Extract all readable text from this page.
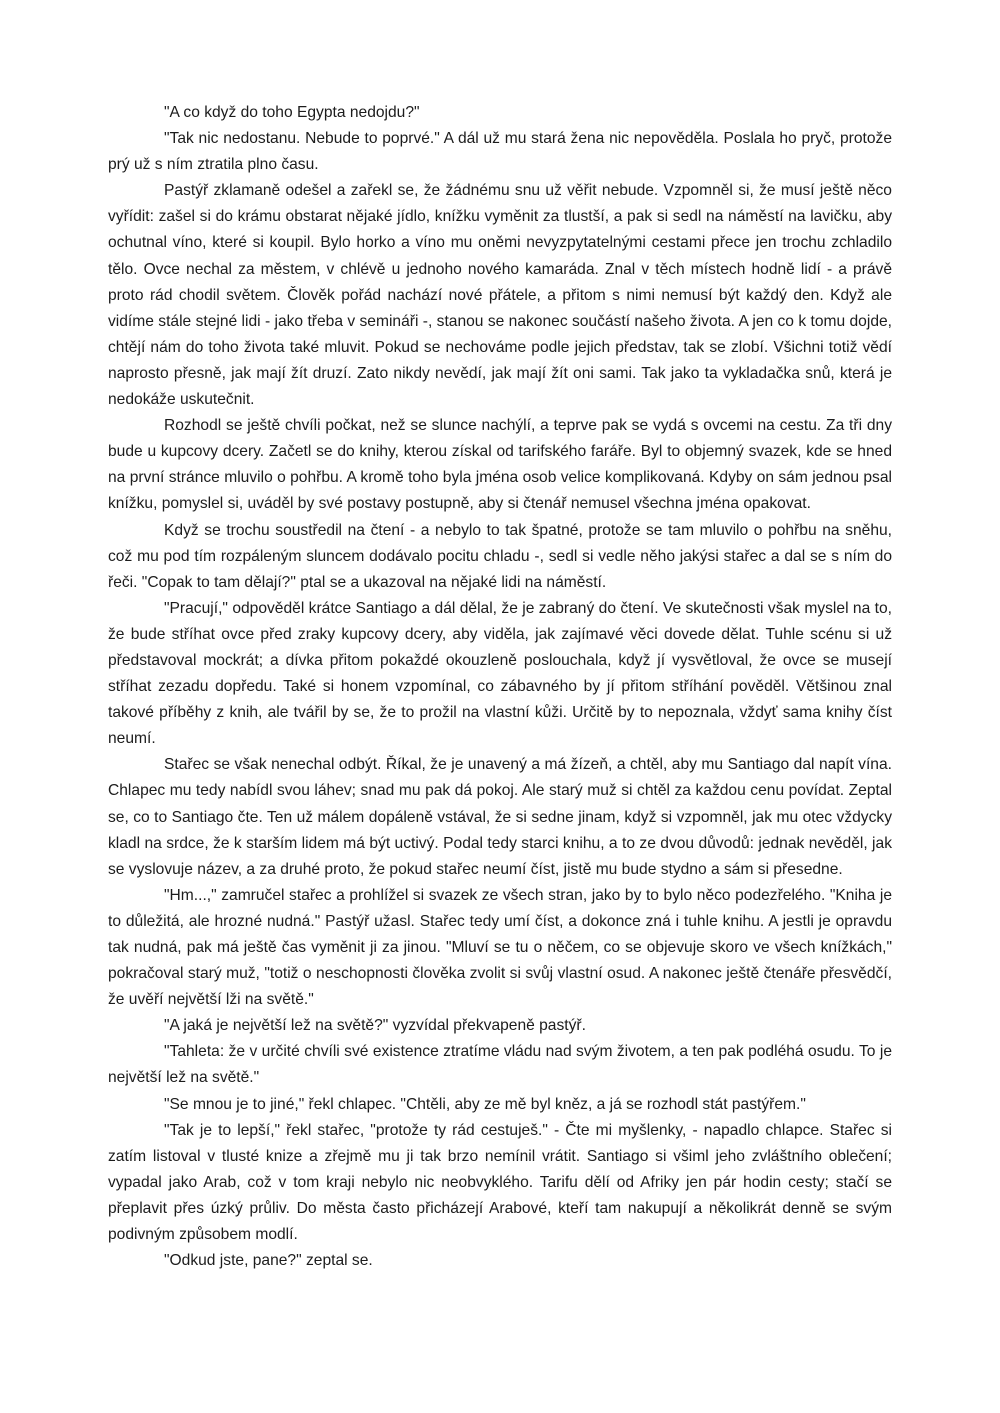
"A co když do toho Egypta nedojdu?"

"Tak nic nedostanu. Nebude to poprvé." A dál už mu stará žena nic nepověděla. Poslala ho pryč, protože prý už s ním ztratila plno času.

Pastýř zklamaně odešel a zařekl se, že žádnému snu už věřit nebude. Vzpomněl si, že musí ještě něco vyřídit: zašel si do krámu obstarat nějaké jídlo, knížku vyměnit za tlustší, a pak si sedl na náměstí na lavičku, aby ochutnal víno, které si koupil. Bylo horko a víno mu oněmi nevyzpytatelnými cestami přece jen trochu zchladilo tělo. Ovce nechal za městem, v chlévě u jednoho nového kamaráda. Znal v těch místech hodně lidí - a právě proto rád chodil světem. Člověk pořád nachází nové přátele, a přitom s nimi nemusí být každý den. Když ale vidíme stále stejné lidi - jako třeba v semináři -, stanou se nakonec součástí našeho života. A jen co k tomu dojde, chtějí nám do toho života také mluvit. Pokud se nechováme podle jejich představ, tak se zlobí. Všichni totiž vědí naprosto přesně, jak mají žít druzí. Zato nikdy nevědí, jak mají žít oni sami. Tak jako ta vykladačka snů, která je nedokáže uskutečnit.

Rozhodl se ještě chvíli počkat, než se slunce nachýlí, a teprve pak se vydá s ovcemi na cestu. Za tři dny bude u kupcovy dcery. Začetl se do knihy, kterou získal od tarifského faráře. Byl to objemný svazek, kde se hned na první stránce mluvilo o pohřbu. A kromě toho byla jména osob velice komplikovaná. Kdyby on sám jednou psal knížku, pomyslel si, uváděl by své postavy postupně, aby si čtenář nemusel všechna jména opakovat.

Když se trochu soustředil na čtení - a nebylo to tak špatné, protože se tam mluvilo o pohřbu na sněhu, což mu pod tím rozpáleným sluncem dodávalo pocitu chladu -, sedl si vedle něho jakýsi stařec a dal se s ním do řeči. "Copak to tam dělají?" ptal se a ukazoval na nějaké lidi na náměstí.

"Pracují," odpověděl krátce Santiago a dál dělal, že je zabraný do čtení. Ve skutečnosti však myslel na to, že bude stříhat ovce před zraky kupcovy dcery, aby viděla, jak zajímavé věci dovede dělat. Tuhle scénu si už představoval mockrát; a dívka přitom pokaždé okouzleně poslouchala, když jí vysvětloval, že ovce se musejí stříhat zezadu dopředu. Také si honem vzpomínal, co zábavného by jí přitom stříhání pověděl. Většinou znal takové příběhy z knih, ale tvářil by se, že to prožil na vlastní kůži. Určitě by to nepoznala, vždyť sama knihy číst neumí.

Stařec se však nenechal odbýt. Říkal, že je unavený a má žízeň, a chtěl, aby mu Santiago dal napít vína. Chlapec mu tedy nabídl svou láhev; snad mu pak dá pokoj. Ale starý muž si chtěl za každou cenu povídat. Zeptal se, co to Santiago čte. Ten už málem dopáleně vstával, že si sedne jinam, když si vzpomněl, jak mu otec vždycky kladl na srdce, že k starším lidem má být uctivý. Podal tedy starci knihu, a to ze dvou důvodů: jednak nevěděl, jak se vyslovuje název, a za druhé proto, že pokud stařec neumí číst, jistě mu bude stydno a sám si přesedne.

"Hm...," zamručel stařec a prohlížel si svazek ze všech stran, jako by to bylo něco podezřelého. "Kniha je to důležitá, ale hrozné nudná." Pastýř užasl. Stařec tedy umí číst, a dokonce zná i tuhle knihu. A jestli je opravdu tak nudná, pak má ještě čas vyměnit ji za jinou. "Mluví se tu o něčem, co se objevuje skoro ve všech knížkách," pokračoval starý muž, "totiž o neschopnosti člověka zvolit si svůj vlastní osud. A nakonec ještě čtenáře přesvědčí, že uvěří největší lži na světě."

"A jaká je největší lež na světě?" vyzvídal překvapeně pastýř.

"Tahleta: že v určité chvíli své existence ztratíme vládu nad svým životem, a ten pak podléhá osudu. To je největší lež na světě."

"Se mnou je to jiné," řekl chlapec. "Chtěli, aby ze mě byl kněz, a já se rozhodl stát pastýřem."

"Tak je to lepší," řekl stařec, "protože ty rád cestuješ." - Čte mi myšlenky, - napadlo chlapce. Stařec si zatím listoval v tlusté knize a zřejmě mu ji tak brzo nemínil vrátit. Santiago si všiml jeho zvláštního oblečení; vypadal jako Arab, což v tom kraji nebylo nic neobvyklého. Tarifu dělí od Afriky jen pár hodin cesty; stačí se přeplavit přes úzký průliv. Do města často přicházejí Arabové, kteří tam nakupují a několikrát denně se svým podivným způsobem modlí.

"Odkud jste, pane?" zeptal se.
